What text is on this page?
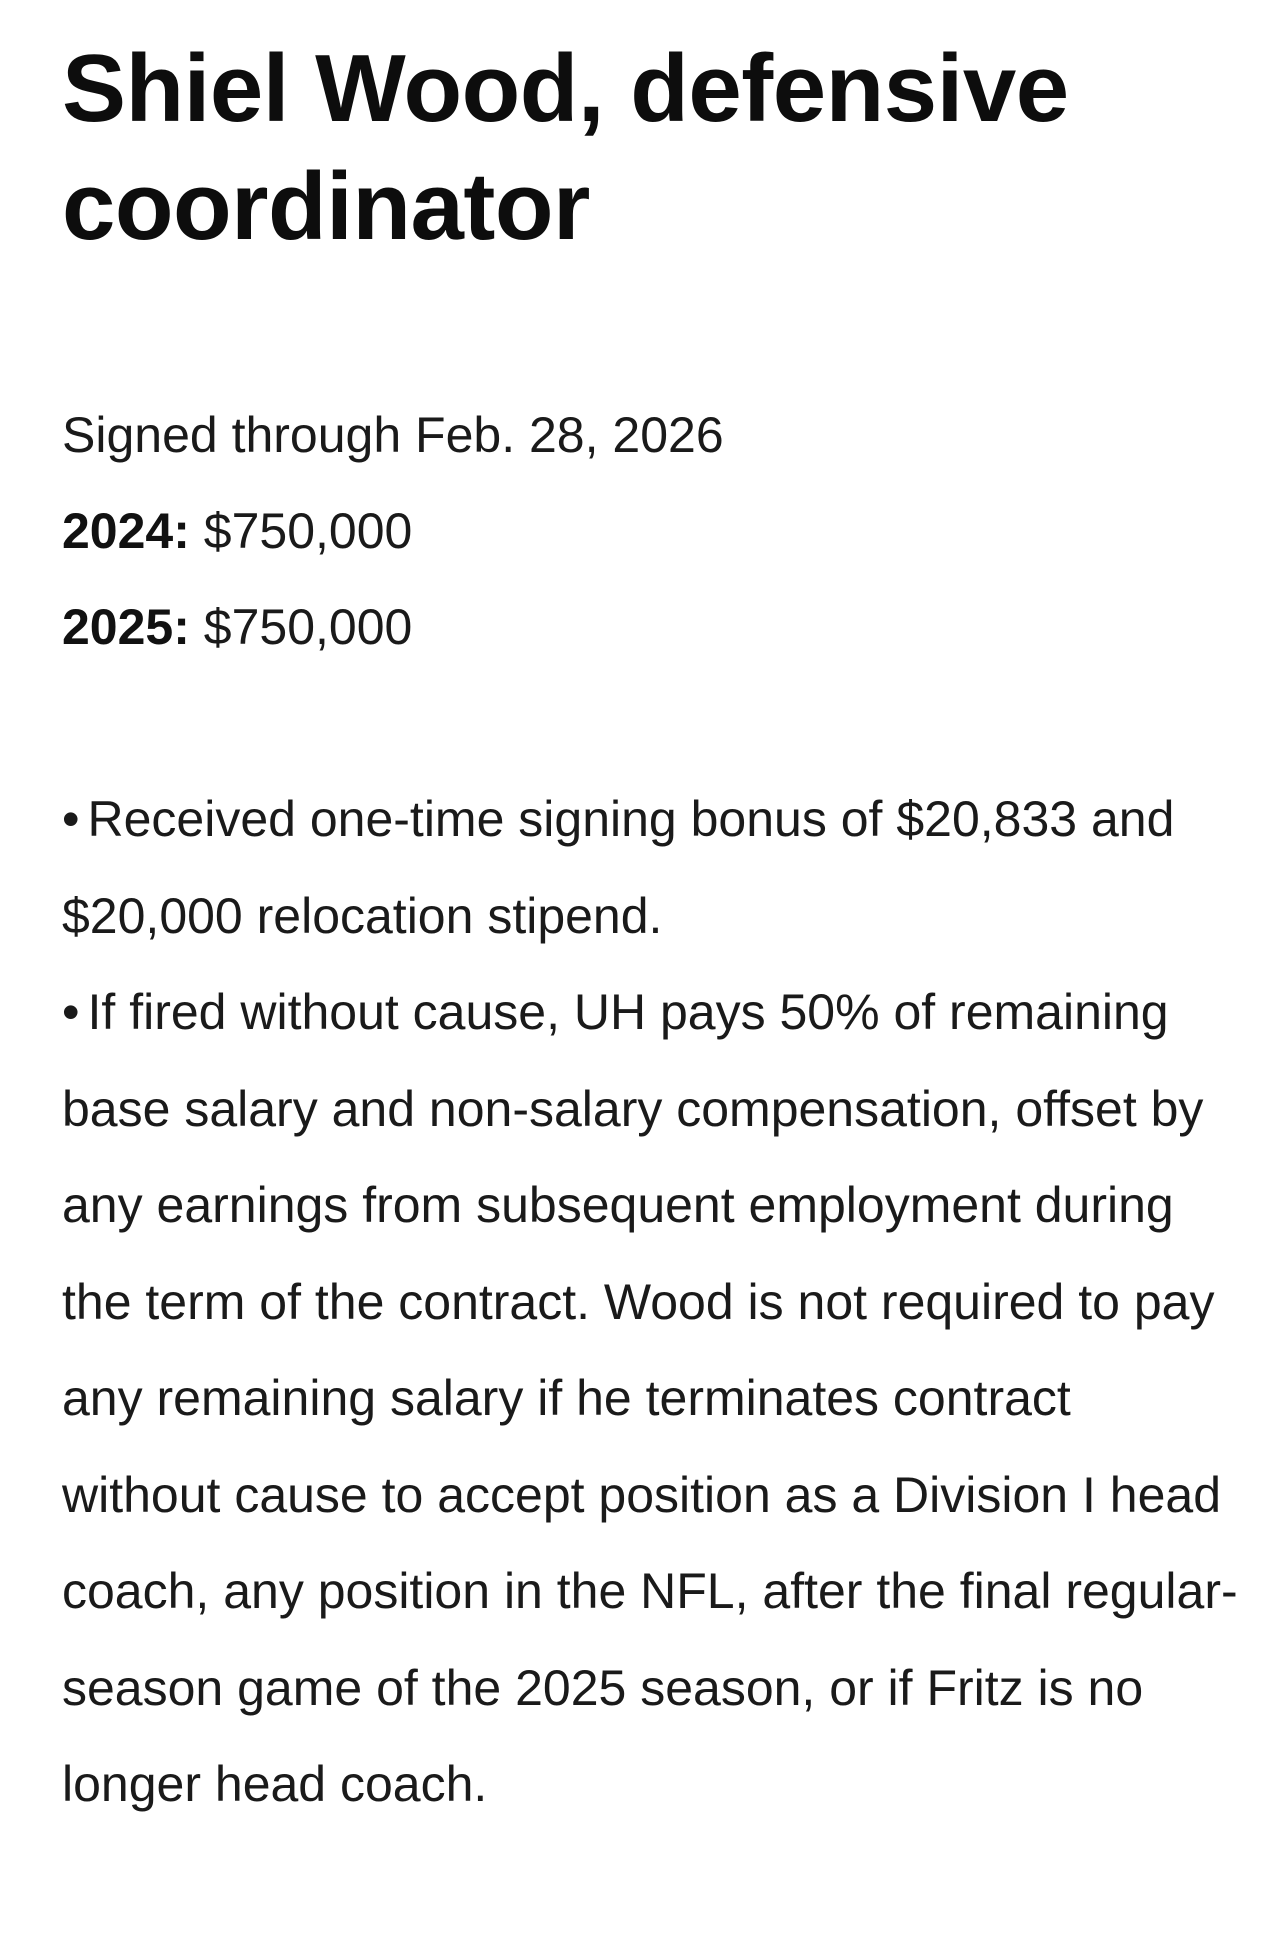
Shiel Wood, defensive coordinator
Signed through Feb. 28, 2026
2024: $750,000
2025: $750,000
• Received one-time signing bonus of $20,833 and $20,000 relocation stipend.
• If fired without cause, UH pays 50% of remaining base salary and non-salary compensation, offset by any earnings from subsequent employment during the term of the contract. Wood is not required to pay any remaining salary if he terminates contract without cause to accept position as a Division I head coach, any position in the NFL, after the final regular-season game of the 2025 season, or if Fritz is no longer head coach.
